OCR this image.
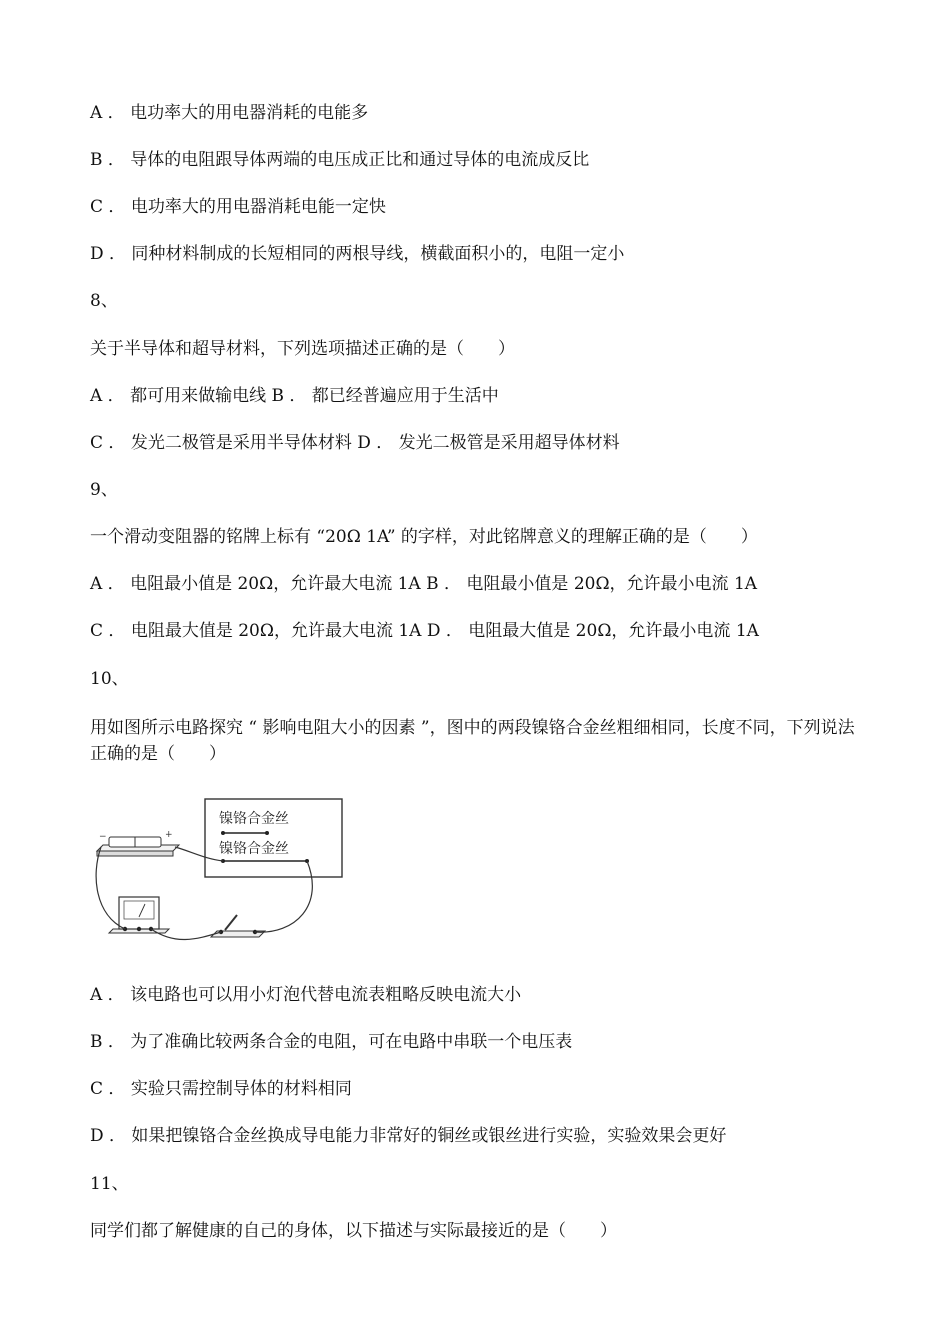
A ． 电功率大的用电器消耗的电能多
B ． 导体的电阻跟导体两端的电压成正比和通过导体的电流成反比
C ． 电功率大的用电器消耗电能一定快
D ． 同种材料制成的长短相同的两根导线，横截面积小的，电阻一定小
8、
关于半导体和超导材料，下列选项描述正确的是（　　）
A ． 都可用来做输电线 B ． 都已经普遍应用于生活中
C ． 发光二极管是采用半导体材料 D ． 发光二极管是采用超导体材料
9、
一个滑动变阻器的铭牌上标有 “20Ω 1A” 的字样，对此铭牌意义的理解正确的是（　　）
A ． 电阻最小值是 20Ω，允许最大电流 1A B ． 电阻最小值是 20Ω，允许最小电流 1A
C ． 电阻最大值是 20Ω，允许最大电流 1A D ． 电阻最大值是 20Ω，允许最小电流 1A
10、
用如图所示电路探究 “ 影响电阻大小的因素 ”，图中的两段镍铬合金丝粗细相同，长度不同，下列说法正确的是（　　）
镍铬合金丝
镍铬合金丝
−	+
A ． 该电路也可以用小灯泡代替电流表粗略反映电流大小
B ． 为了准确比较两条合金的电阻，可在电路中串联一个电压表
C ． 实验只需控制导体的材料相同
D ． 如果把镍铬合金丝换成导电能力非常好的铜丝或银丝进行实验，实验效果会更好
11、
同学们都了解健康的自己的身体，以下描述与实际最接近的是（　　）
